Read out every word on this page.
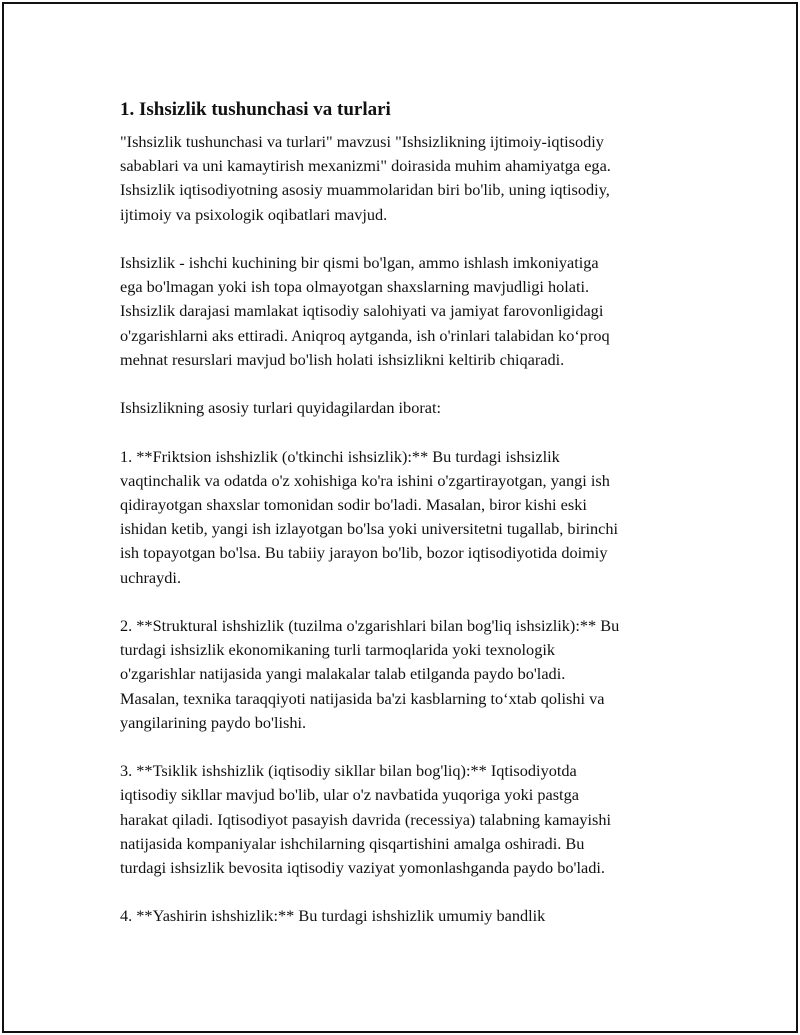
1. Ishsizlik tushunchasi va turlari
"Ishsizlik tushunchasi va turlari" mavzusi "Ishsizlikning ijtimoiy-iqtisodiy
sabablari va uni kamaytirish mexanizmi" doirasida muhim ahamiyatga ega.
Ishsizlik iqtisodiyotning asosiy muammolaridan biri bo'lib, uning iqtisodiy,
ijtimoiy va psixologik oqibatlari mavjud.
Ishsizlik - ishchi kuchining bir qismi bo'lgan, ammo ishlash imkoniyatiga
ega bo'lmagan yoki ish topa olmayotgan shaxslarning mavjudligi holati.
Ishsizlik darajasi mamlakat iqtisodiy salohiyati va jamiyat farovonligidagi
o'zgarishlarni aks ettiradi. Aniqroq aytganda, ish o'rinlari talabidan ko‘proq
mehnat resurslari mavjud bo'lish holati ishsizlikni keltirib chiqaradi.
Ishsizlikning asosiy turlari quyidagilardan iborat:
1. **Friktsion ishshizlik (o'tkinchi ishsizlik):** Bu turdagi ishsizlik
vaqtinchalik va odatda o'z xohishiga ko'ra ishini o'zgartirayotgan, yangi ish
qidirayotgan shaxslar tomonidan sodir bo'ladi. Masalan, biror kishi eski
ishidan ketib, yangi ish izlayotgan bo'lsa yoki universitetni tugallab, birinchi
ish topayotgan bo'lsa. Bu tabiiy jarayon bo'lib, bozor iqtisodiyotida doimiy
uchraydi.
2. **Struktural ishshizlik (tuzilma o'zgarishlari bilan bog'liq ishsizlik):** Bu
turdagi ishsizlik ekonomikaning turli tarmoqlarida yoki texnologik
o'zgarishlar natijasida yangi malakalar talab etilganda paydo bo'ladi.
Masalan, texnika taraqqiyoti natijasida ba'zi kasblarning to‘xtab qolishi va
yangilarining paydo bo'lishi.
3. **Tsiklik ishshizlik (iqtisodiy sikllar bilan bog'liq):** Iqtisodiyotda
iqtisodiy sikllar mavjud bo'lib, ular o'z navbatida yuqoriga yoki pastga
harakat qiladi. Iqtisodiyot pasayish davrida (recessiya) talabning kamayishi
natijasida kompaniyalar ishchilarning qisqartishini amalga oshiradi. Bu
turdagi ishsizlik bevosita iqtisodiy vaziyat yomonlashganda paydo bo'ladi.
4. **Yashirin ishshizlik:** Bu turdagi ishshizlik umumiy bandlik
